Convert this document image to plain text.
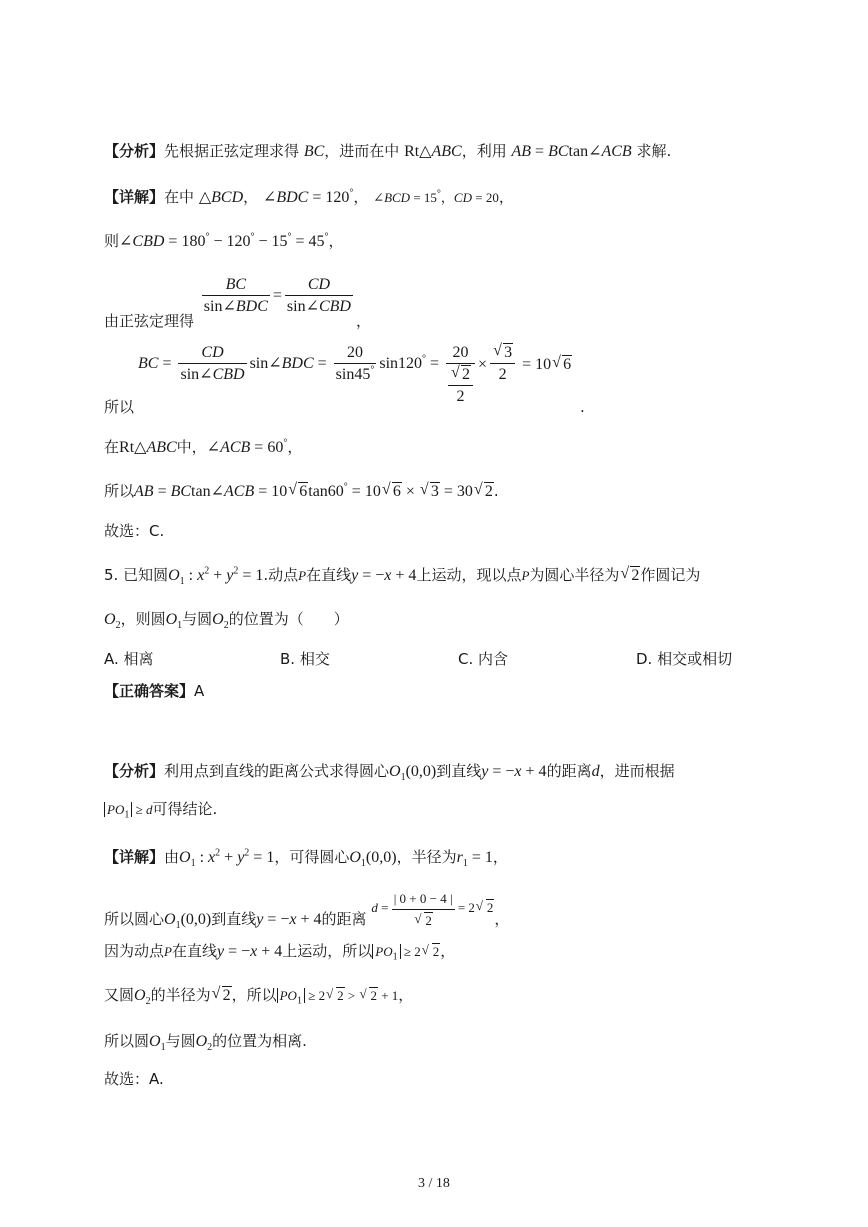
【分析】先根据正弦定理求得 BC，进而在中 Rt△ABC，利用 AB = BCtan∠ACB 求解.
【详解】在中 △BCD， ∠BDC = 120°， ∠BCD = 15°，CD = 20，
则∠CBD = 180° − 120° − 15° = 45°，
由正弦定理得
$\frac{BC}{\text{sin∠BDC}} = \frac{CD}{\text{sin∠CBD}}$
，
BC = $\frac{CD}{\text{sin∠CBD}}$ sin∠BDC = $\frac{20}{\sin 45^\circ} \sin 120^\circ = 20$
√ $\frac{2}{2}$ ×
√ $\frac{3}{2} = 10√$ 6
所以	.
在Rt△ABC中，∠ACB = 60°，
所以AB = BCtan∠ACB = 10√ 6tan60° = 10√ 6 × √ 3 = 30√ 2.
故选：C.
5. 已知圆$O_1$ : $x^2 + y^2 = 1$.动点P在直线y = −x + 4上运动，现以点P为圆心半径为√ 2作圆记为
$O_2$，则圆$O_1$与圆$O_2$的位置为（　　）
A. 相离	B. 相交	C. 内含	D. 相交或相切
【正确答案】A
【分析】利用点到直线的距离公式求得圆心$O_1(0,0)$到直线y = −x + 4的距离d，进而根据
$PO_1 \ge d$可得结论.
【详解】由$O_1$ : $x^2 + y^2 = 1$，可得圆心$O_1(0,0)$，半径为$r_1 = 1$，
所以圆心$O_1(0,0)$到直线y = −x + 4的距离 d = | 0 + 0 − 4 |
√ 2 = 2√ 2，
因为动点P在直线y = −x + 4上运动，所以 $PO_1 \ge 2√$ 2，
又圆$O_2$的半径为√ 2，所以 $PO_1 \ge 2√$ 2 > √ 2 + 1，
所以圆$O_1$与圆$O_2$的位置为相离.
故选：A.
3 / 18
